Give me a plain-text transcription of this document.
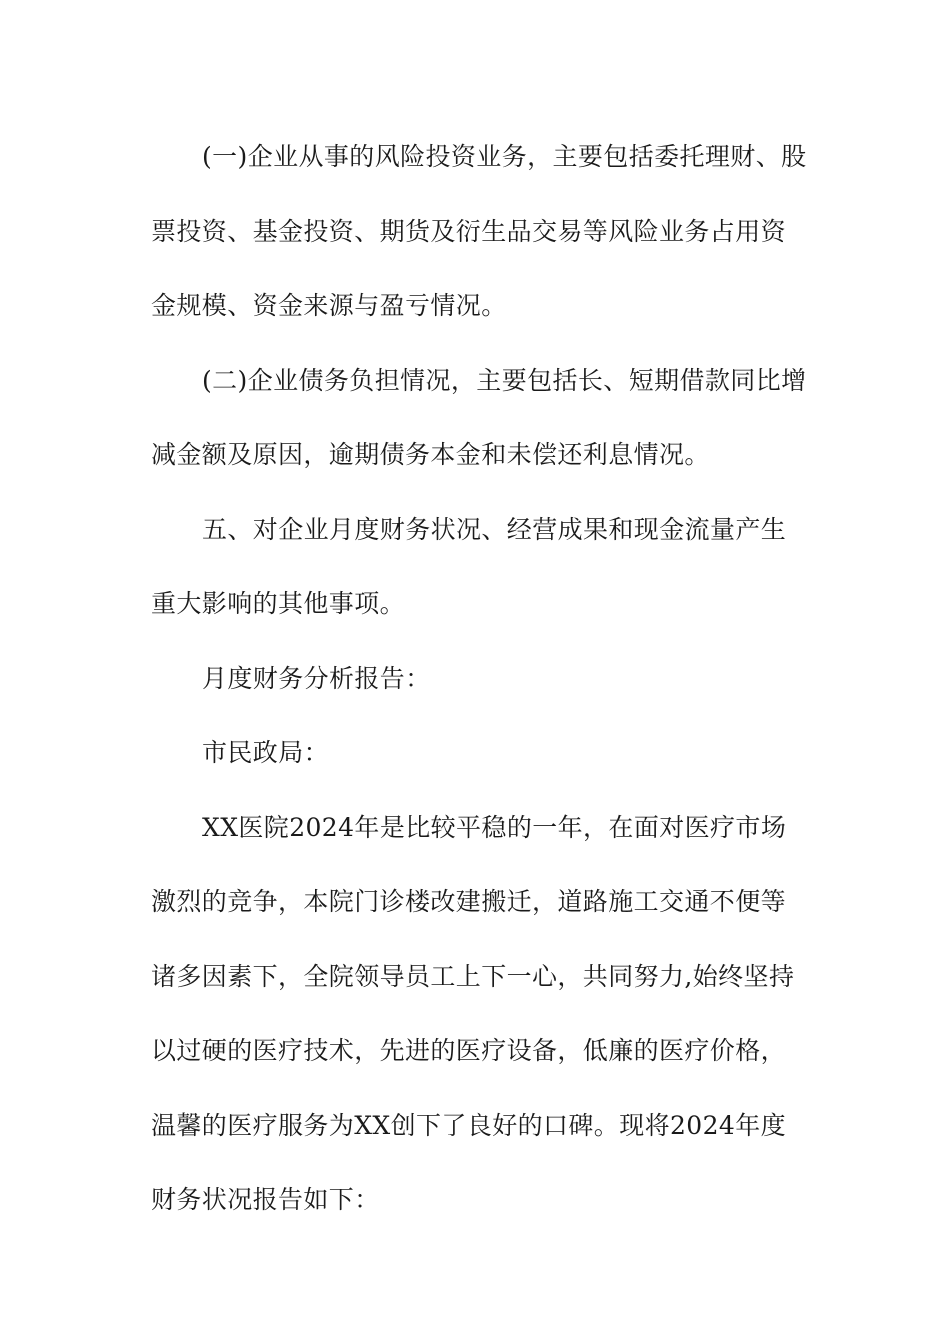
(一)企业从事的风险投资业务，主要包括委托理财、股票投资、基金投资、期货及衍生品交易等风险业务占用资金规模、资金来源与盈亏情况。

(二)企业债务负担情况，主要包括长、短期借款同比增减金额及原因，逾期债务本金和未偿还利息情况。

五、对企业月度财务状况、经营成果和现金流量产生重大影响的其他事项。

月度财务分析报告：

市民政局：

XX医院2024年是比较平稳的一年，在面对医疗市场激烈的竞争，本院门诊楼改建搬迁，道路施工交通不便等诸多因素下，全院领导员工上下一心，共同努力,始终坚持以过硬的医疗技术，先进的医疗设备，低廉的医疗价格，温馨的医疗服务为XX创下了良好的口碑。现将2024年度财务状况报告如下：
